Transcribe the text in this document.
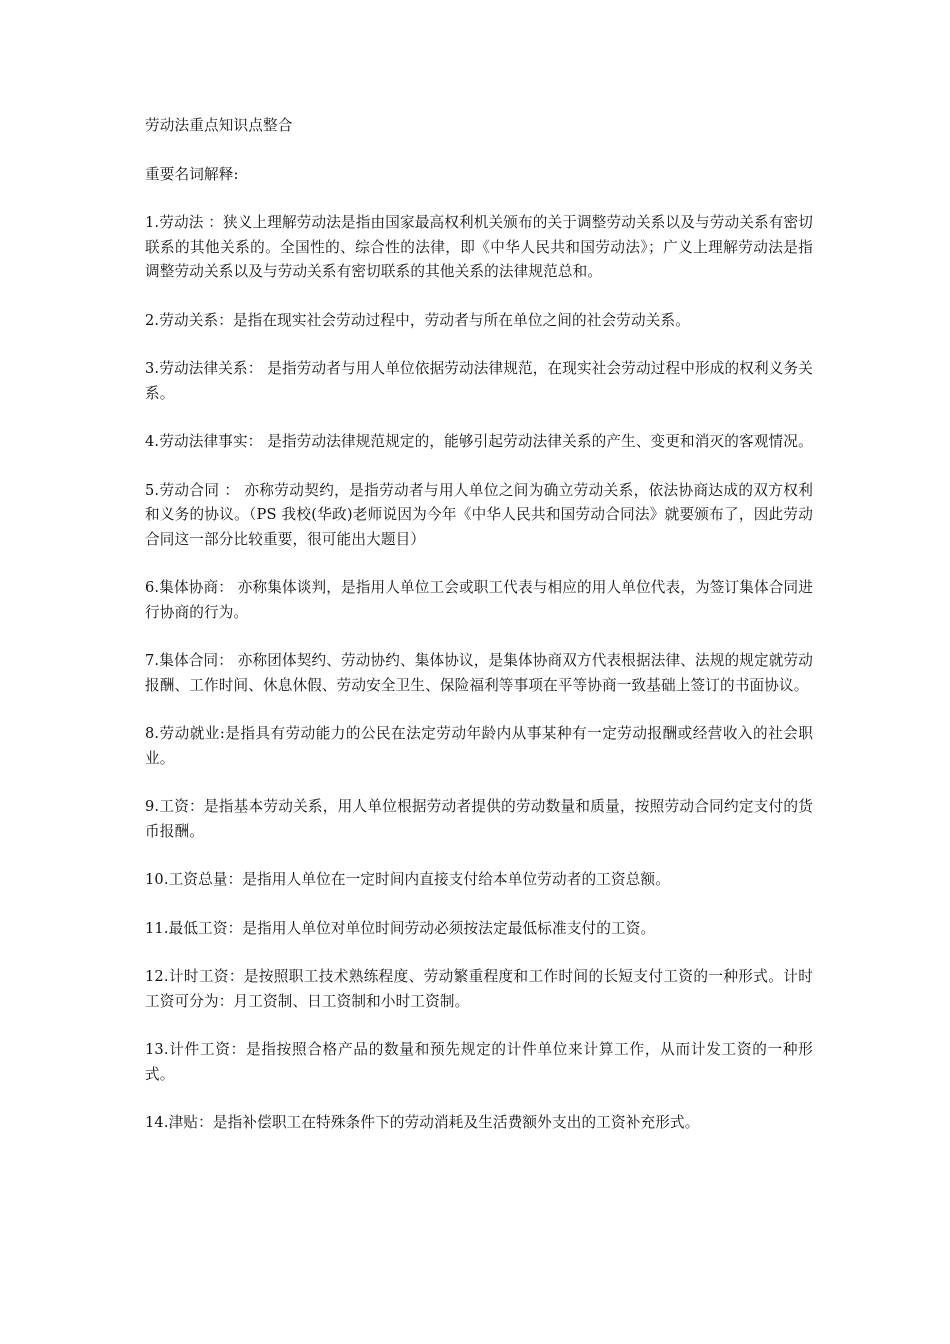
劳动法重点知识点整合
重要名词解释:
1.劳动法 ：狭义上理解劳动法是指由国家最高权利机关颁布的关于调整劳动关系以及与劳动关系有密切联系的其他关系的。全国性的、综合性的法律，即《中华人民共和国劳动法》；广义上理解劳动法是指调整劳动关系以及与劳动关系有密切联系的其他关系的法律规范总和。
2.劳动关系：是指在现实社会劳动过程中，劳动者与所在单位之间的社会劳动关系。
3.劳动法律关系： 是指劳动者与用人单位依据劳动法律规范，在现实社会劳动过程中形成的权利义务关系。
4.劳动法律事实： 是指劳动法律规范规定的，能够引起劳动法律关系的产生、变更和消灭的客观情况。
5.劳动合同 ： 亦称劳动契约，是指劳动者与用人单位之间为确立劳动关系，依法协商达成的双方权利和义务的协议。（PS 我校(华政)老师说因为今年《中华人民共和国劳动合同法》就要颁布了，因此劳动合同这一部分比较重要，很可能出大题目）
6.集体协商： 亦称集体谈判，是指用人单位工会或职工代表与相应的用人单位代表，为签订集体合同进行协商的行为。
7.集体合同： 亦称团体契约、劳动协约、集体协议，是集体协商双方代表根据法律、法规的规定就劳动报酬、工作时间、休息休假、劳动安全卫生、保险福利等事项在平等协商一致基础上签订的书面协议。
8.劳动就业:是指具有劳动能力的公民在法定劳动年龄内从事某种有一定劳动报酬或经营收入的社会职业。
9.工资：是指基本劳动关系，用人单位根据劳动者提供的劳动数量和质量，按照劳动合同约定支付的货币报酬。
10.工资总量：是指用人单位在一定时间内直接支付给本单位劳动者的工资总额。
11.最低工资：是指用人单位对单位时间劳动必须按法定最低标准支付的工资。
12.计时工资：是按照职工技术熟练程度、劳动繁重程度和工作时间的长短支付工资的一种形式。计时工资可分为：月工资制、日工资制和小时工资制。
13.计件工资：是指按照合格产品的数量和预先规定的计件单位来计算工作，从而计发工资的一种形式。
14.津贴：是指补偿职工在特殊条件下的劳动消耗及生活费额外支出的工资补充形式。
